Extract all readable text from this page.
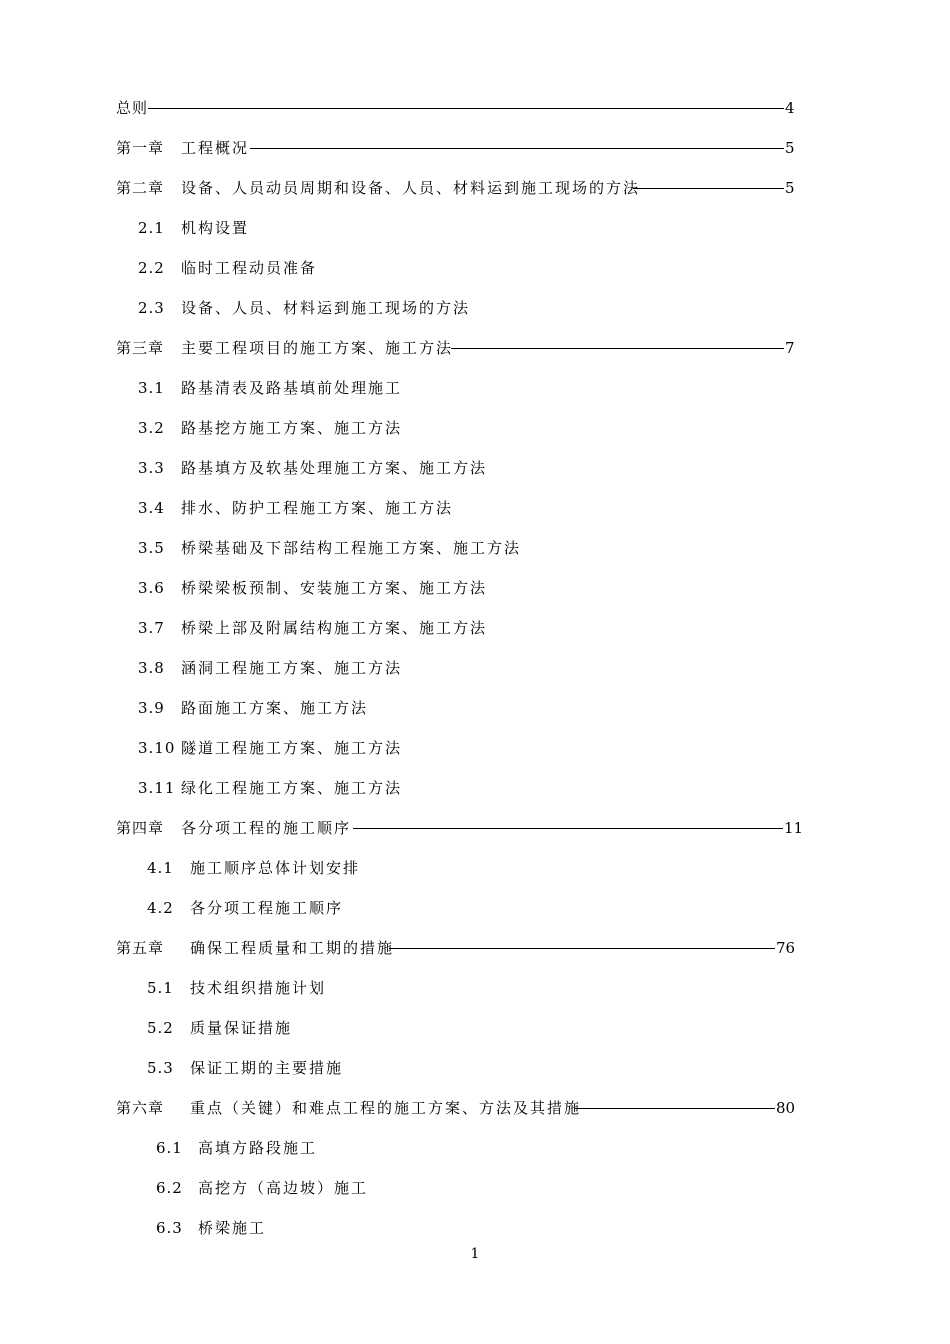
总则	4
第一章 工程概况	5
第二章 设备、人员动员周期和设备、人员、材料运到施工现场的方法	5
2.1 机构设置
2.2 临时工程动员准备
2.3 设备、人员、材料运到施工现场的方法
第三章 主要工程项目的施工方案、施工方法	7
3.1 路基清表及路基填前处理施工
3.2 路基挖方施工方案、施工方法
3.3 路基填方及软基处理施工方案、施工方法
3.4 排水、防护工程施工方案、施工方法
3.5 桥梁基础及下部结构工程施工方案、施工方法
3.6 桥梁梁板预制、安装施工方案、施工方法
3.7 桥梁上部及附属结构施工方案、施工方法
3.8 涵洞工程施工方案、施工方法
3.9 路面施工方案、施工方法
3.10 隧道工程施工方案、施工方法
3.11 绿化工程施工方案、施工方法
第四章 各分项工程的施工顺序	11
4.1 施工顺序总体计划安排
4.2 各分项工程施工顺序
第五章 确保工程质量和工期的措施	76
5.1 技术组织措施计划
5.2 质量保证措施
5.3 保证工期的主要措施
第六章 重点（关键）和难点工程的施工方案、方法及其措施	80
6.1 高填方路段施工
6.2 高挖方（高边坡）施工
6.3 桥梁施工
1
